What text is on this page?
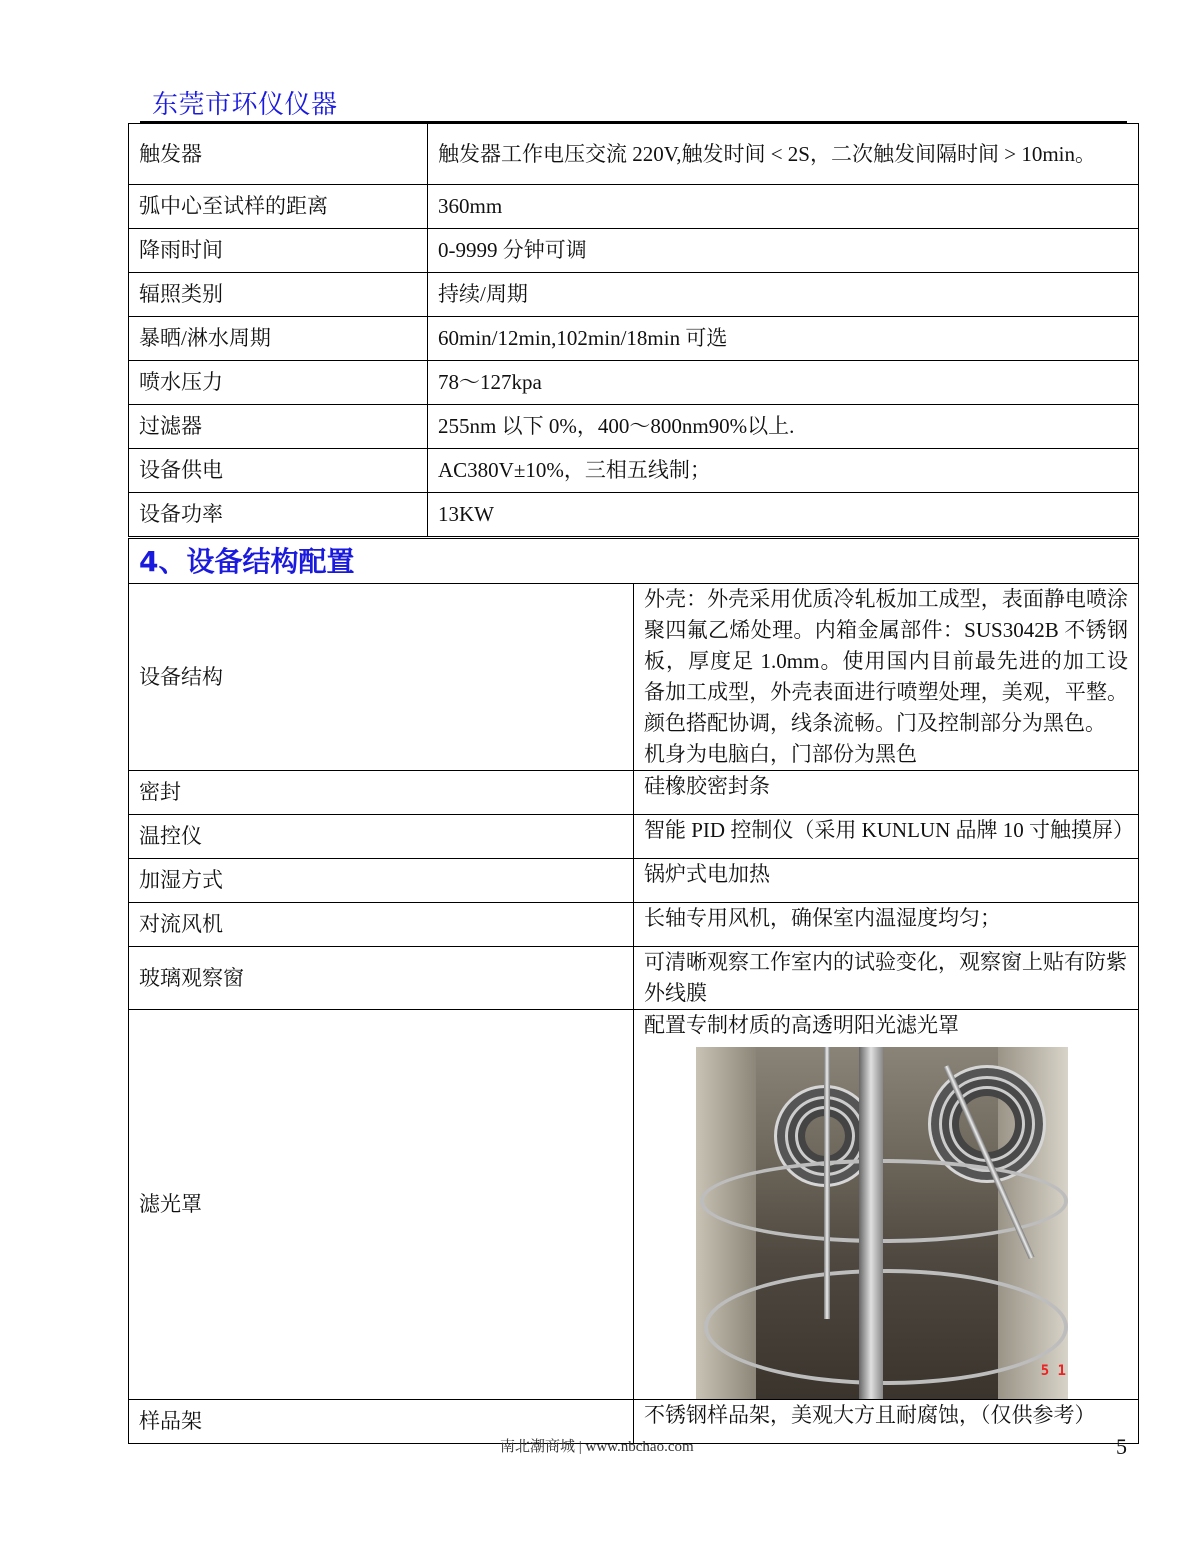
东莞市环仪仪器
触发器	触发器工作电压交流 220V,触发时间 < 2S，二次触发间隔时间 > 10min。
弧中心至试样的距离	360mm
降雨时间	0-9999 分钟可调
辐照类别	持续/周期
暴晒/淋水周期	60min/12min,102min/18min 可选
喷水压力	78～127kpa
过滤器	255nm 以下 0%，400～800nm90%以上.
设备供电	AC380V±10%，三相五线制；
设备功率	13KW
4、设备结构配置	
设备结构	外壳：外壳采用优质冷轧板加工成型，表面静电喷涂聚四氟乙烯处理。内箱金属部件：SUS3042B 不锈钢板，厚度足 1.0mm。使用国内目前最先进的加工设备加工成型，外壳表面进行喷塑处理，美观，平整。颜色搭配协调，线条流畅。门及控制部分为黑色。
机身为电脑白，门部份为黑色

密封	硅橡胶密封条
温控仪	智能 PID 控制仪（采用 KUNLUN 品牌 10 寸触摸屏）
加湿方式	锅炉式电加热
对流风机	长轴专用风机，确保室内温湿度均匀；
玻璃观察窗	可清晰观察工作室内的试验变化，观察窗上贴有防紫外线膜
滤光罩	配置专制材质的高透明阳光滤光罩
5 1

样品架	不锈钢样品架，美观大方且耐腐蚀，（仅供参考）
南北潮商城 | www.nbchao.com	5
